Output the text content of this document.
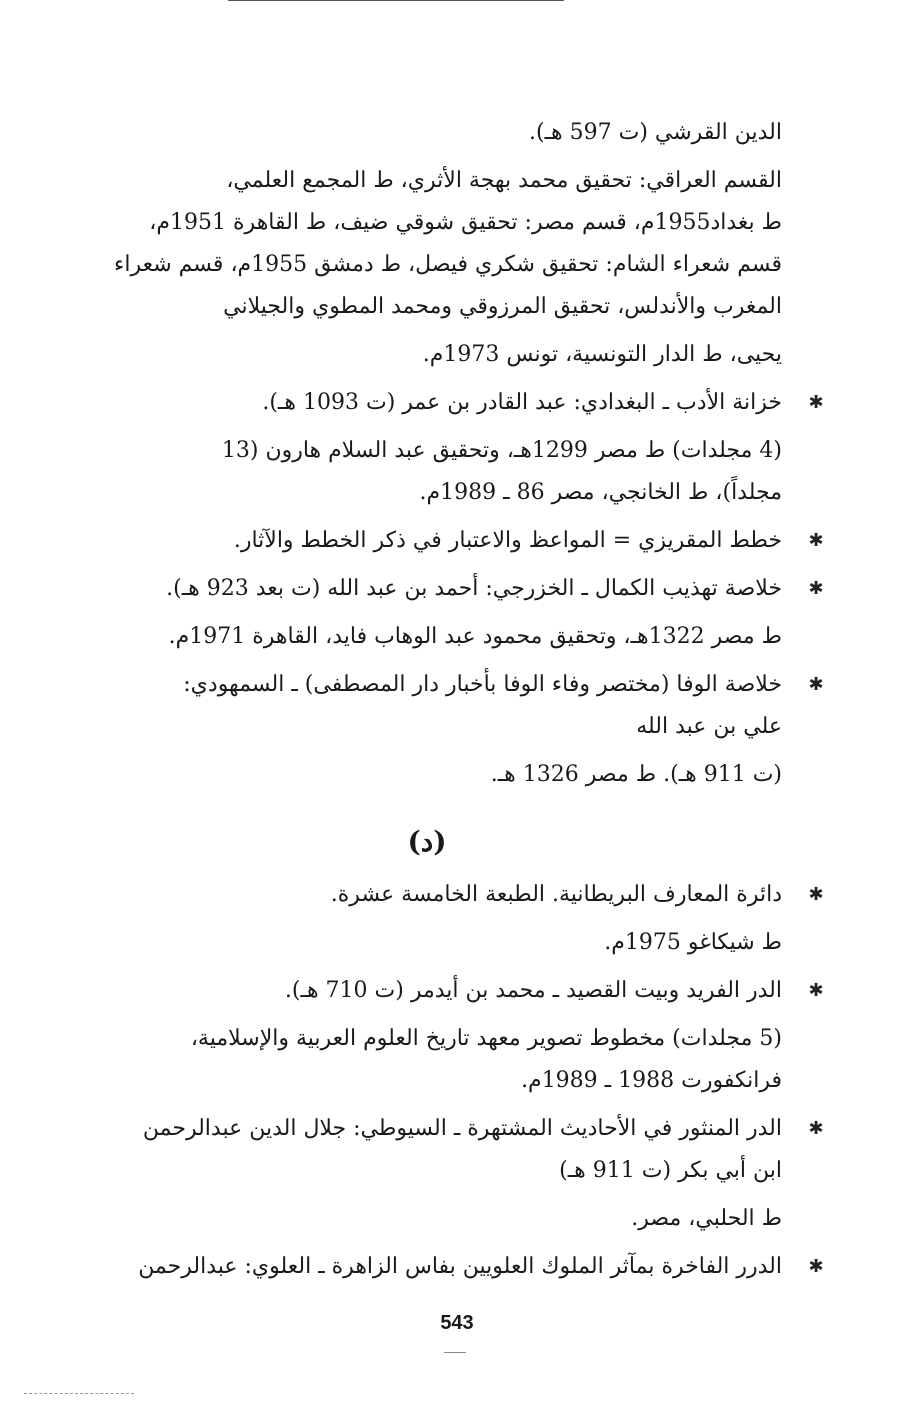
الدين القرشي (ت 597 هـ).
القسم العراقي: تحقيق محمد بهجة الأثري، ط المجمع العلمي،
ط بغداد1955م، قسم مصر: تحقيق شوقي ضيف، ط القاهرة 1951م،
قسم شعراء الشام: تحقيق شكري فيصل، ط دمشق 1955م، قسم شعراء
المغرب والأندلس، تحقيق المرزوقي ومحمد المطوي والجيلاني
يحيى، ط الدار التونسية، تونس 1973م.
✱
خزانة الأدب ـ البغدادي: عبد القادر بن عمر (ت 1093 هـ).
(4 مجلدات) ط مصر 1299هـ، وتحقيق عبد السلام هارون (13
مجلداً)، ط الخانجي، مصر 86 ـ 1989م.
✱
خطط المقريزي = المواعظ والاعتبار في ذكر الخطط والآثار.
✱
خلاصة تهذيب الكمال ـ الخزرجي: أحمد بن عبد الله (ت بعد 923 هـ).
ط مصر 1322هـ، وتحقيق محمود عبد الوهاب فايد، القاهرة 1971م.
✱
خلاصة الوفا (مختصر وفاء الوفا بأخبار دار المصطفى) ـ السمهودي:
علي بن عبد الله
(ت 911 هـ). ط مصر 1326 هـ.
(د)
✱
دائرة المعارف البريطانية. الطبعة الخامسة عشرة.
ط شيكاغو 1975م.
✱
الدر الفريد وبيت القصيد ـ محمد بن أيدمر (ت 710 هـ).
(5 مجلدات) مخطوط تصوير معهد تاريخ العلوم العربية والإسلامية،
فرانكفورت 1988 ـ 1989م.
✱
الدر المنثور في الأحاديث المشتهرة ـ السيوطي: جلال الدين عبدالرحمن
ابن أبي بكر (ت 911 هـ)
ط الحلبي، مصر.
✱
الدرر الفاخرة بمآثر الملوك العلويين بفاس الزاهرة ـ العلوي: عبدالرحمن
543
